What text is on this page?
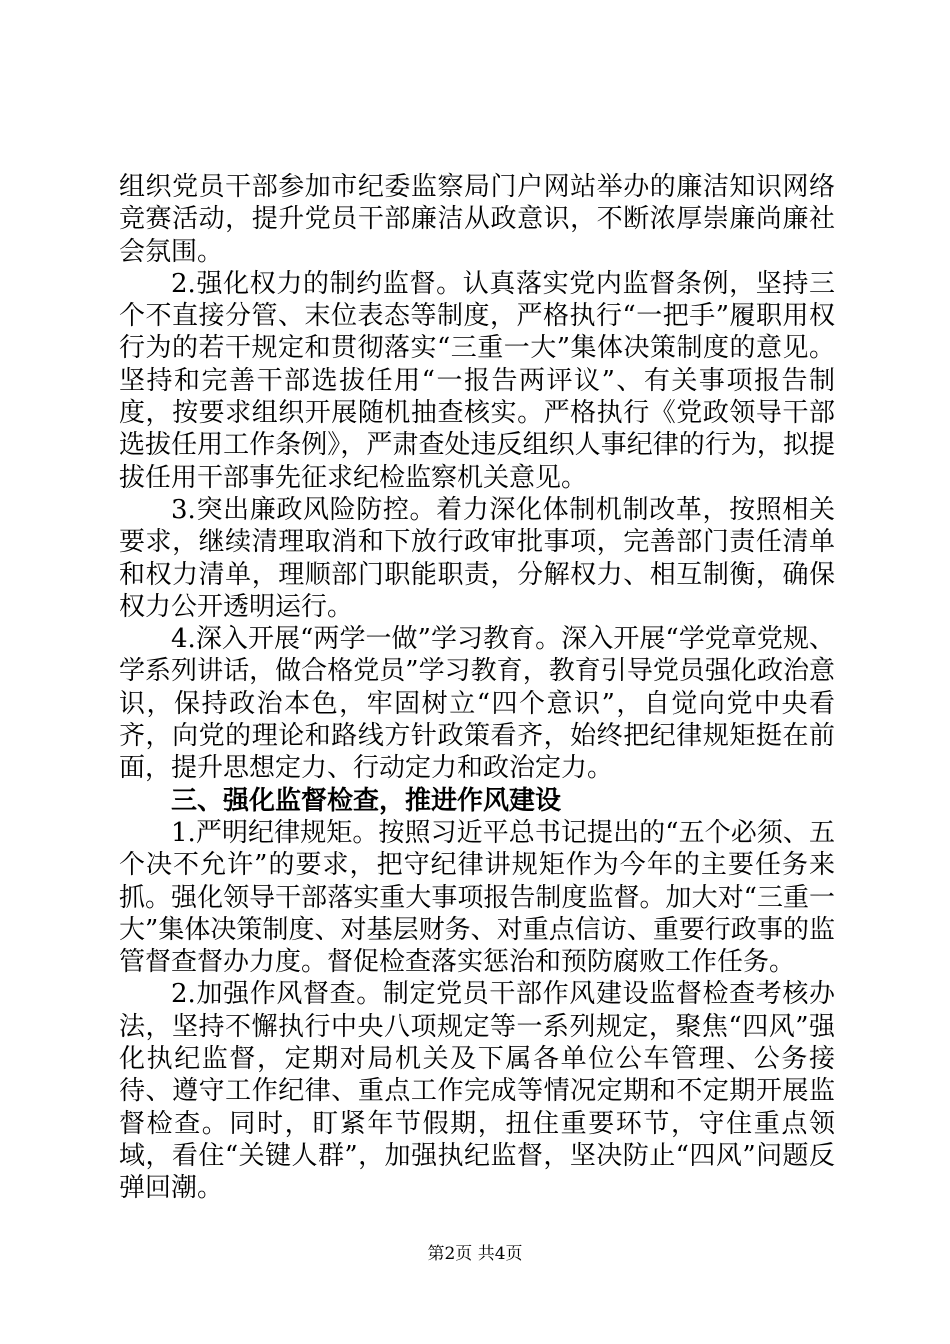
组织党员干部参加市纪委监察局门户网站举办的廉洁知识网络竞赛活动，提升党员干部廉洁从政意识，不断浓厚崇廉尚廉社会氛围。

2.强化权力的制约监督。认真落实党内监督条例，坚持三个不直接分管、末位表态等制度，严格执行“一把手”履职用权行为的若干规定和贯彻落实“三重一大”集体决策制度的意见。坚持和完善干部选拔任用“一报告两评议”、有关事项报告制度，按要求组织开展随机抽查核实。严格执行《党政领导干部选拔任用工作条例》，严肃查处违反组织人事纪律的行为，拟提拔任用干部事先征求纪检监察机关意见。

3.突出廉政风险防控。着力深化体制机制改革，按照相关要求，继续清理取消和下放行政审批事项，完善部门责任清单和权力清单，理顺部门职能职责，分解权力、相互制衡，确保权力公开透明运行。

4.深入开展“两学一做”学习教育。深入开展“学党章党规、学系列讲话，做合格党员”学习教育，教育引导党员强化政治意识，保持政治本色，牢固树立“四个意识”，自觉向党中央看齐，向党的理论和路线方针政策看齐，始终把纪律规矩挺在前面，提升思想定力、行动定力和政治定力。

三、强化监督检查，推进作风建设

1.严明纪律规矩。按照习近平总书记提出的“五个必须、五个决不允许”的要求，把守纪律讲规矩作为今年的主要任务来抓。强化领导干部落实重大事项报告制度监督。加大对“三重一大”集体决策制度、对基层财务、对重点信访、重要行政事的监管督查督办力度。督促检查落实惩治和预防腐败工作任务。

2.加强作风督查。制定党员干部作风建设监督检查考核办法，坚持不懈执行中央八项规定等一系列规定，聚焦“四风”强化执纪监督，定期对局机关及下属各单位公车管理、公务接待、遵守工作纪律、重点工作完成等情况定期和不定期开展监督检查。同时，盯紧年节假期，扭住重要环节，守住重点领域，看住“关键人群”，加强执纪监督，坚决防止“四风”问题反弹回潮。

第2页 共4页
